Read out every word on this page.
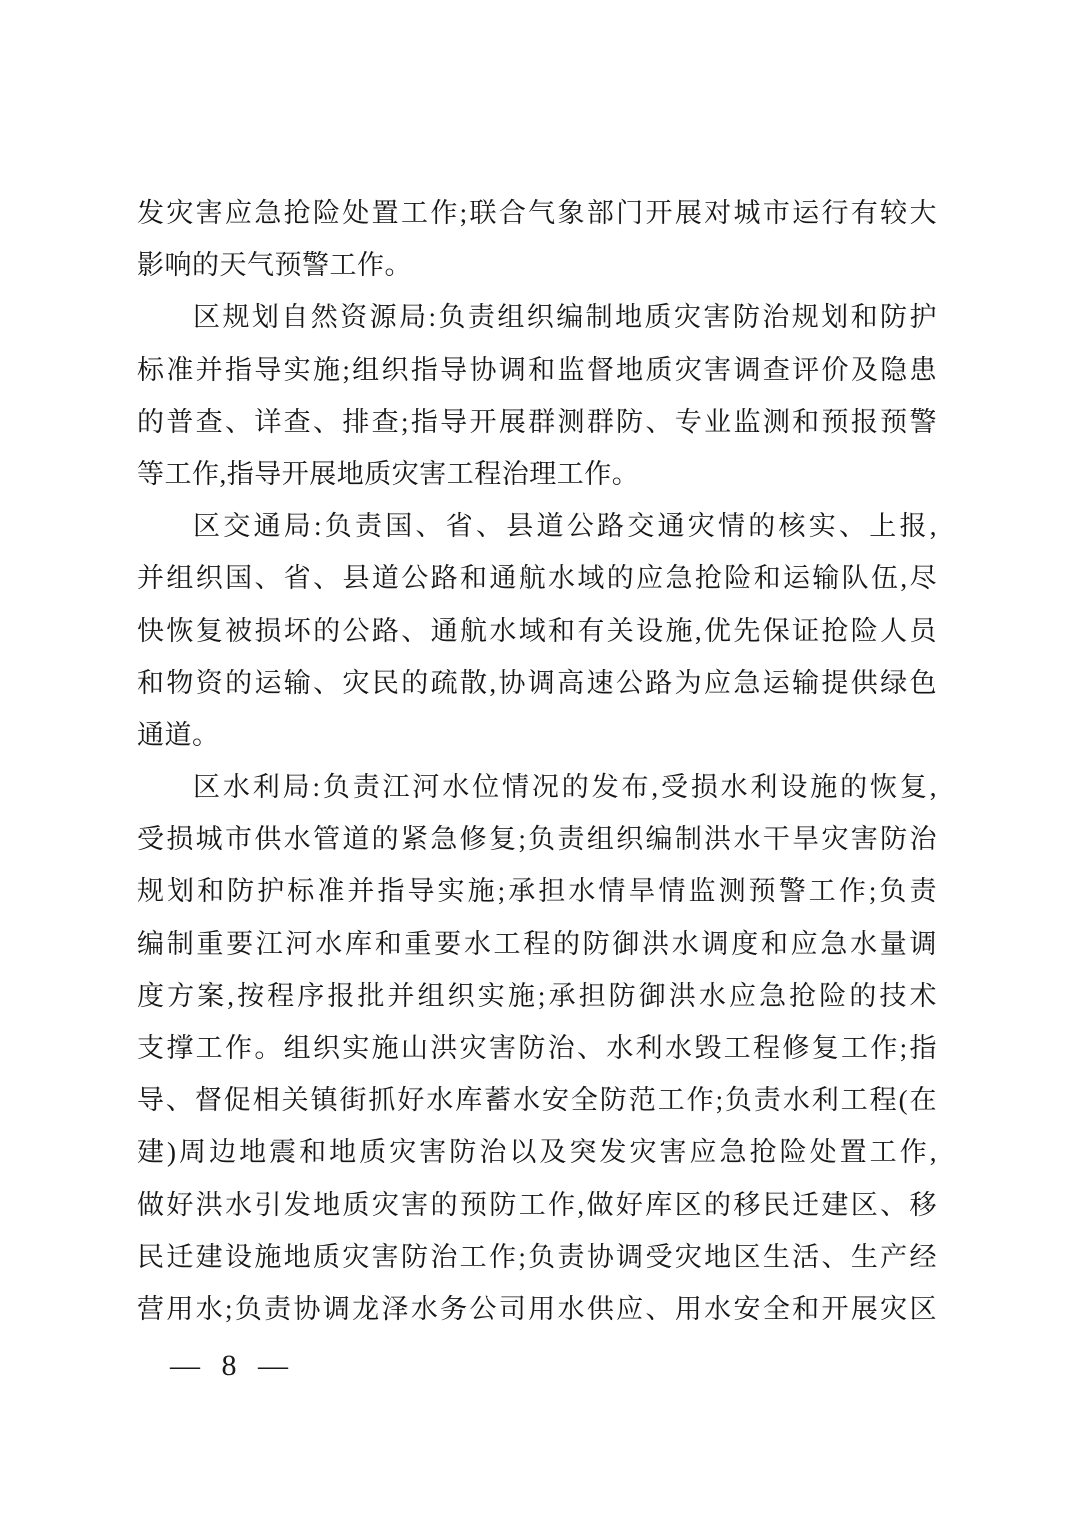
发灾害应急抢险处置工作;联合气象部门开展对城市运行有较大
影响的天气预警工作。
区规划自然资源局:负责组织编制地质灾害防治规划和防护
标准并指导实施;组织指导协调和监督地质灾害调查评价及隐患
的普查、详查、排查;指导开展群测群防、专业监测和预报预警
等工作,指导开展地质灾害工程治理工作。
区交通局:负责国、省、县道公路交通灾情的核实、上报,
并组织国、省、县道公路和通航水域的应急抢险和运输队伍,尽
快恢复被损坏的公路、通航水域和有关设施,优先保证抢险人员
和物资的运输、灾民的疏散,协调高速公路为应急运输提供绿色
通道。
区水利局:负责江河水位情况的发布,受损水利设施的恢复,
受损城市供水管道的紧急修复;负责组织编制洪水干旱灾害防治
规划和防护标准并指导实施;承担水情旱情监测预警工作;负责
编制重要江河水库和重要水工程的防御洪水调度和应急水量调
度方案,按程序报批并组织实施;承担防御洪水应急抢险的技术
支撑工作。组织实施山洪灾害防治、水利水毁工程修复工作;指
导、督促相关镇街抓好水库蓄水安全防范工作;负责水利工程(在
建)周边地震和地质灾害防治以及突发灾害应急抢险处置工作,
做好洪水引发地质灾害的预防工作,做好库区的移民迁建区、移
民迁建设施地质灾害防治工作;负责协调受灾地区生活、生产经
营用水;负责协调龙泽水务公司用水供应、用水安全和开展灾区
— 8 —
